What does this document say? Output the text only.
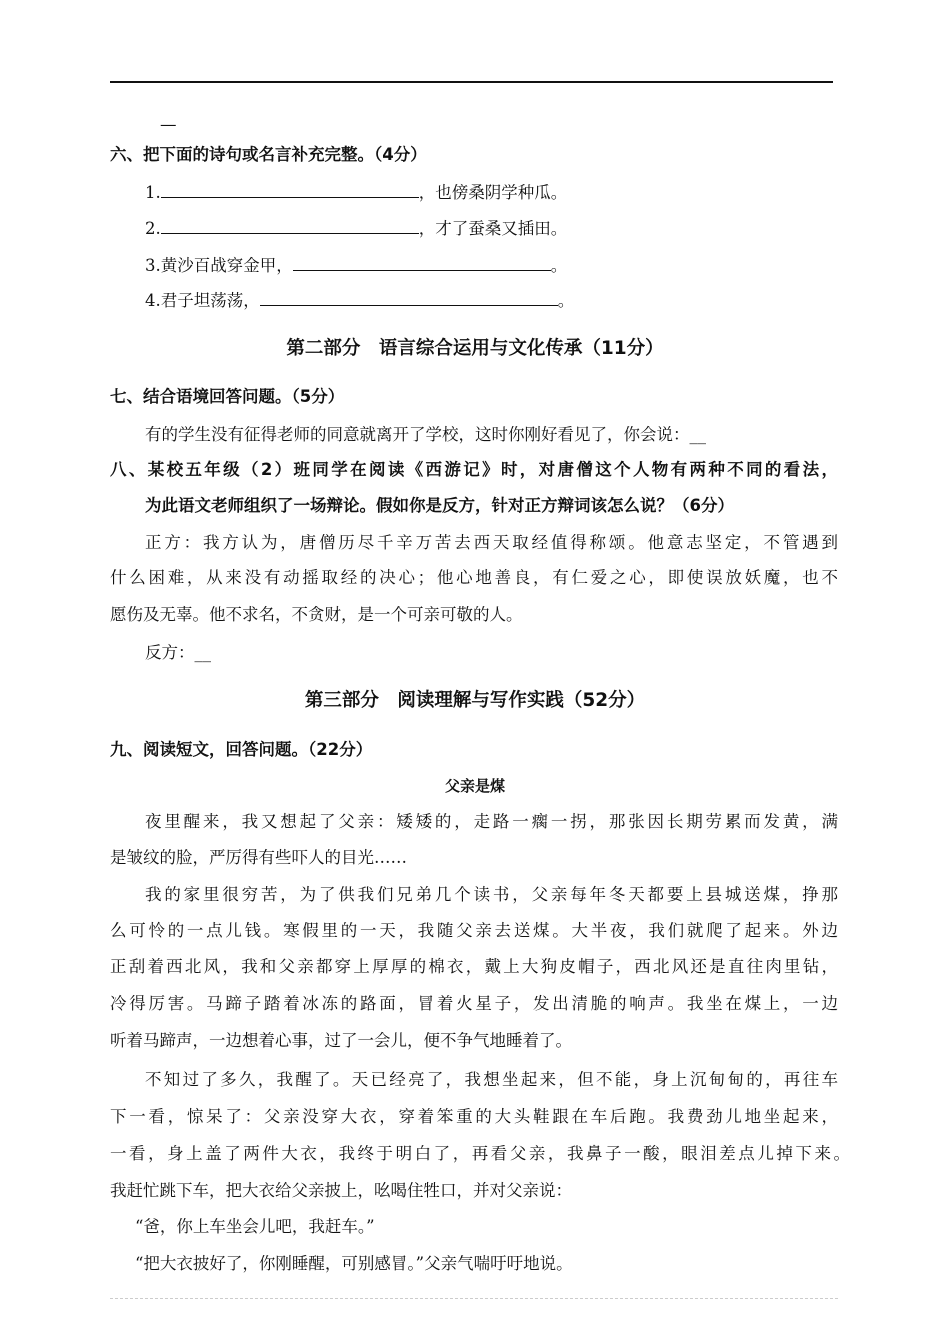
—
六、把下面的诗句或名言补充完整。（4分）
1.	，也傍桑阴学种瓜。
2.	，才了蚕桑又插田。
3.黄沙百战穿金甲，	。
4.君子坦荡荡，	。
第二部分　语言综合运用与文化传承（11分）
七、结合语境回答问题。（5分）
有的学生没有征得老师的同意就离开了学校，这时你刚好看见了，你会说：__
八、某校五年级（2）班同学在阅读《西游记》时，对唐僧这个人物有两种不同的看法，
为此语文老师组织了一场辩论。假如你是反方，针对正方辩词该怎么说？（6分）
正方：我方认为，唐僧历尽千辛万苦去西天取经值得称颂。他意志坚定，不管遇到
什么困难，从来没有动摇取经的决心；他心地善良，有仁爱之心，即使误放妖魔，也不
愿伤及无辜。他不求名，不贪财，是一个可亲可敬的人。
反方：__
第三部分　阅读理解与写作实践（52分）
九、阅读短文，回答问题。（22分）
父亲是煤
夜里醒来，我又想起了父亲：矮矮的，走路一瘸一拐，那张因长期劳累而发黄，满
是皱纹的脸，严厉得有些吓人的目光……
我的家里很穷苦，为了供我们兄弟几个读书，父亲每年冬天都要上县城送煤，挣那
么可怜的一点儿钱。寒假里的一天，我随父亲去送煤。大半夜，我们就爬了起来。外边
正刮着西北风，我和父亲都穿上厚厚的棉衣，戴上大狗皮帽子，西北风还是直往肉里钻，
冷得厉害。马蹄子踏着冰冻的路面，冒着火星子，发出清脆的响声。我坐在煤上，一边
听着马蹄声，一边想着心事，过了一会儿，便不争气地睡着了。
不知过了多久，我醒了。天已经亮了，我想坐起来，但不能，身上沉甸甸的，再往车
下一看，惊呆了：父亲没穿大衣，穿着笨重的大头鞋跟在车后跑。我费劲儿地坐起来，
一看，身上盖了两件大衣，我终于明白了，再看父亲，我鼻子一酸，眼泪差点儿掉下来。
我赶忙跳下车，把大衣给父亲披上，吆喝住牲口，并对父亲说：
“爸，你上车坐会儿吧，我赶车。”
“把大衣披好了，你刚睡醒，可别感冒。”父亲气喘吁吁地说。
